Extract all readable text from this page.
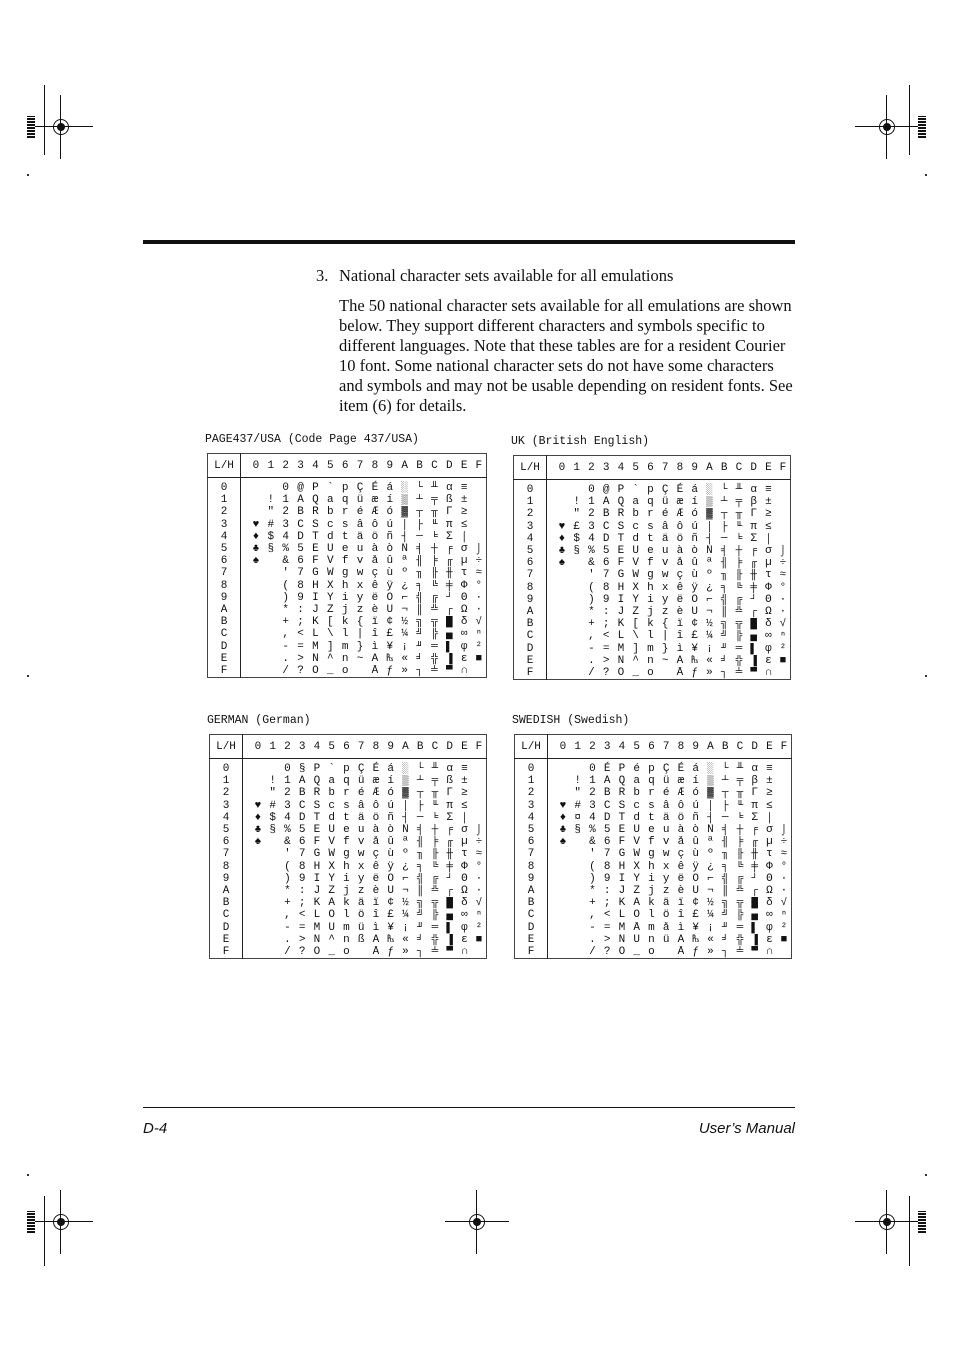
3. National character sets available for all emulations

The 50 national character sets available for all emulations are shown below. They support different characters and symbols specific to different languages. Note that these tables are for a resident Courier 10 font. Some national character sets do not have some characters and symbols and may not be usable depending on resident fonts. See item (6) for details.

PAGE437/USA (Code Page 437/USA)
L/H		0	1	2	3	4	5	6	7	8	9	A	B	C	D	E	F
0				0	@	P	`	p	Ç	É	á	░	└	╨	α	≡	
1			!	1	A	Q	a	q	ü	æ	í	▒	┴	╤	ß	±	
2			"	2	B	R	b	r	é	Æ	ó	▓	┬	╥	Γ	≥	
3		♥	#	3	C	S	c	s	â	ô	ú	│	├	╙	π	≤	
4		♦	$	4	D	T	d	t	ä	ö	ñ	┤	─	╘	Σ	⌠	
5		♣	§	%	5	E	U	e	u	à	ò	Ñ	╡	┼	╒	σ	⌡
6		♠		&	6	F	V	f	v	å	û	ª	╢	╞	╓	µ	÷
7				'	7	G	W	g	w	ç	ù	º	╖	╟	╫	τ	≈
8				(	8	H	X	h	x	ê	ÿ	¿	╕	╚	╪	Φ	°
9				)	9	I	Y	i	y	ë	Ö	⌐	╣	╔	┘	Θ	∙
A				*	:	J	Z	j	z	è	Ü	¬	║	╩	┌	Ω	·
B				+	;	K	[	k	{	ï	¢	½	╗	╦	█	δ	√
C				,	<	L	\	l	|	î	£	¼	╝	╠	▄	∞	ⁿ
D				-	=	M	]	m	}	ì	¥	¡	╜	═	▌	φ	²
E				.	>	N	^	n	~	Ä	₧	«	╛	╬	▐	ε	■
F				/	?	O	_	o		Å	ƒ	»	┐	╧	▀	∩	
UK (British English)
L/H		0	1	2	3	4	5	6	7	8	9	A	B	C	D	E	F
0				0	@	P	`	p	Ç	É	á	░	└	╨	α	≡	
1			!	1	A	Q	a	q	ü	æ	í	▒	┴	╤	β	±	
2			"	2	B	R	b	r	é	Æ	ó	▓	┬	╥	Γ	≥	
3		♥	£	3	C	S	c	s	â	ô	ú	│	├	╙	π	≤	
4		♦	$	4	D	T	d	t	ä	ö	ñ	┤	─	╘	Σ	⌠	
5		♣	§	%	5	E	U	e	u	à	ò	Ñ	╡	┼	╒	σ	⌡
6		♠		&	6	F	V	f	v	å	û	ª	╢	╞	╓	µ	÷
7				'	7	G	W	g	w	ç	ù	º	╖	╟	╫	τ	≈
8				(	8	H	X	h	x	ê	ÿ	¿	╕	╚	╪	Φ	°
9				)	9	I	Y	i	y	ë	Ö	⌐	╣	╔	┘	Θ	∙
A				*	:	J	Z	j	z	è	Ü	¬	║	╩	┌	Ω	·
B				+	;	K	[	k	{	ï	¢	½	╗	╦	█	δ	√
C				,	<	L	\	l	|	î	£	¼	╝	╠	▄	∞	ⁿ
D				-	=	M	]	m	}	ì	¥	¡	╜	═	▌	φ	²
E				.	>	N	^	n	~	Ä	₧	«	╛	╬	▐	ε	■
F				/	?	O	_	o		Å	ƒ	»	┐	╧	▀	∩	
GERMAN (German)
L/H		0	1	2	3	4	5	6	7	8	9	A	B	C	D	E	F
0				0	§	P	`	p	Ç	É	á	░	└	╨	α	≡	
1			!	1	A	Q	a	q	ü	æ	í	▒	┴	╤	ß	±	
2			"	2	B	R	b	r	é	Æ	ó	▓	┬	╥	Γ	≥	
3		♥	#	3	C	S	c	s	â	ô	ú	│	├	╙	π	≤	
4		♦	$	4	D	T	d	t	ä	ö	ñ	┤	─	╘	Σ	⌠	
5		♣	§	%	5	E	U	e	u	à	ò	Ñ	╡	┼	╒	σ	⌡
6		♠		&	6	F	V	f	v	å	û	ª	╢	╞	╓	µ	÷
7				'	7	G	W	g	w	ç	ù	º	╖	╟	╫	τ	≈
8				(	8	H	X	h	x	ê	ÿ	¿	╕	╚	╪	Φ	°
9				)	9	I	Y	i	y	ë	Ö	⌐	╣	╔	┘	Θ	∙
A				*	:	J	Z	j	z	è	Ü	¬	║	╩	┌	Ω	·
B				+	;	K	Ä	k	ä	ï	¢	½	╗	╦	█	δ	√
C				,	<	L	Ö	l	ö	î	£	¼	╝	╠	▄	∞	ⁿ
D				-	=	M	Ü	m	ü	ì	¥	¡	╜	═	▌	φ	²
E				.	>	N	^	n	ß	Ä	₧	«	╛	╬	▐	ε	■
F				/	?	O	_	o		Å	ƒ	»	┐	╧	▀	∩	
SWEDISH (Swedish)
L/H		0	1	2	3	4	5	6	7	8	9	A	B	C	D	E	F
0				0	É	P	é	p	Ç	É	á	░	└	╨	α	≡	
1			!	1	A	Q	a	q	ü	æ	í	▒	┴	╤	β	±	
2			"	2	B	R	b	r	é	Æ	ó	▓	┬	╥	Γ	≥	
3		♥	#	3	C	S	c	s	â	ô	ú	│	├	╙	π	≤	
4		♦	¤	4	D	T	d	t	ä	ö	ñ	┤	─	╘	Σ	⌠	
5		♣	§	%	5	E	U	e	u	à	ò	Ñ	╡	┼	╒	σ	⌡
6		♠		&	6	F	V	f	v	å	û	ª	╢	╞	╓	µ	÷
7				'	7	G	W	g	w	ç	ù	º	╖	╟	╫	τ	≈
8				(	8	H	X	h	x	ê	ÿ	¿	╕	╚	╪	Φ	°
9				)	9	I	Y	i	y	ë	Ö	⌐	╣	╔	┘	Θ	∙
A				*	:	J	Z	j	z	è	Ü	¬	║	╩	┌	Ω	·
B				+	;	K	Ä	k	ä	ï	¢	½	╗	╦	█	δ	√
C				,	<	L	Ö	l	ö	î	£	¼	╝	╠	▄	∞	ⁿ
D				-	=	M	Å	m	å	ì	¥	¡	╜	═	▌	φ	²
E				.	>	N	Ü	n	ü	Ä	₧	«	╛	╬	▐	ε	■
F				/	?	O	_	o		Å	ƒ	»	┐	╧	▀	∩	
D-4	User’s Manual
